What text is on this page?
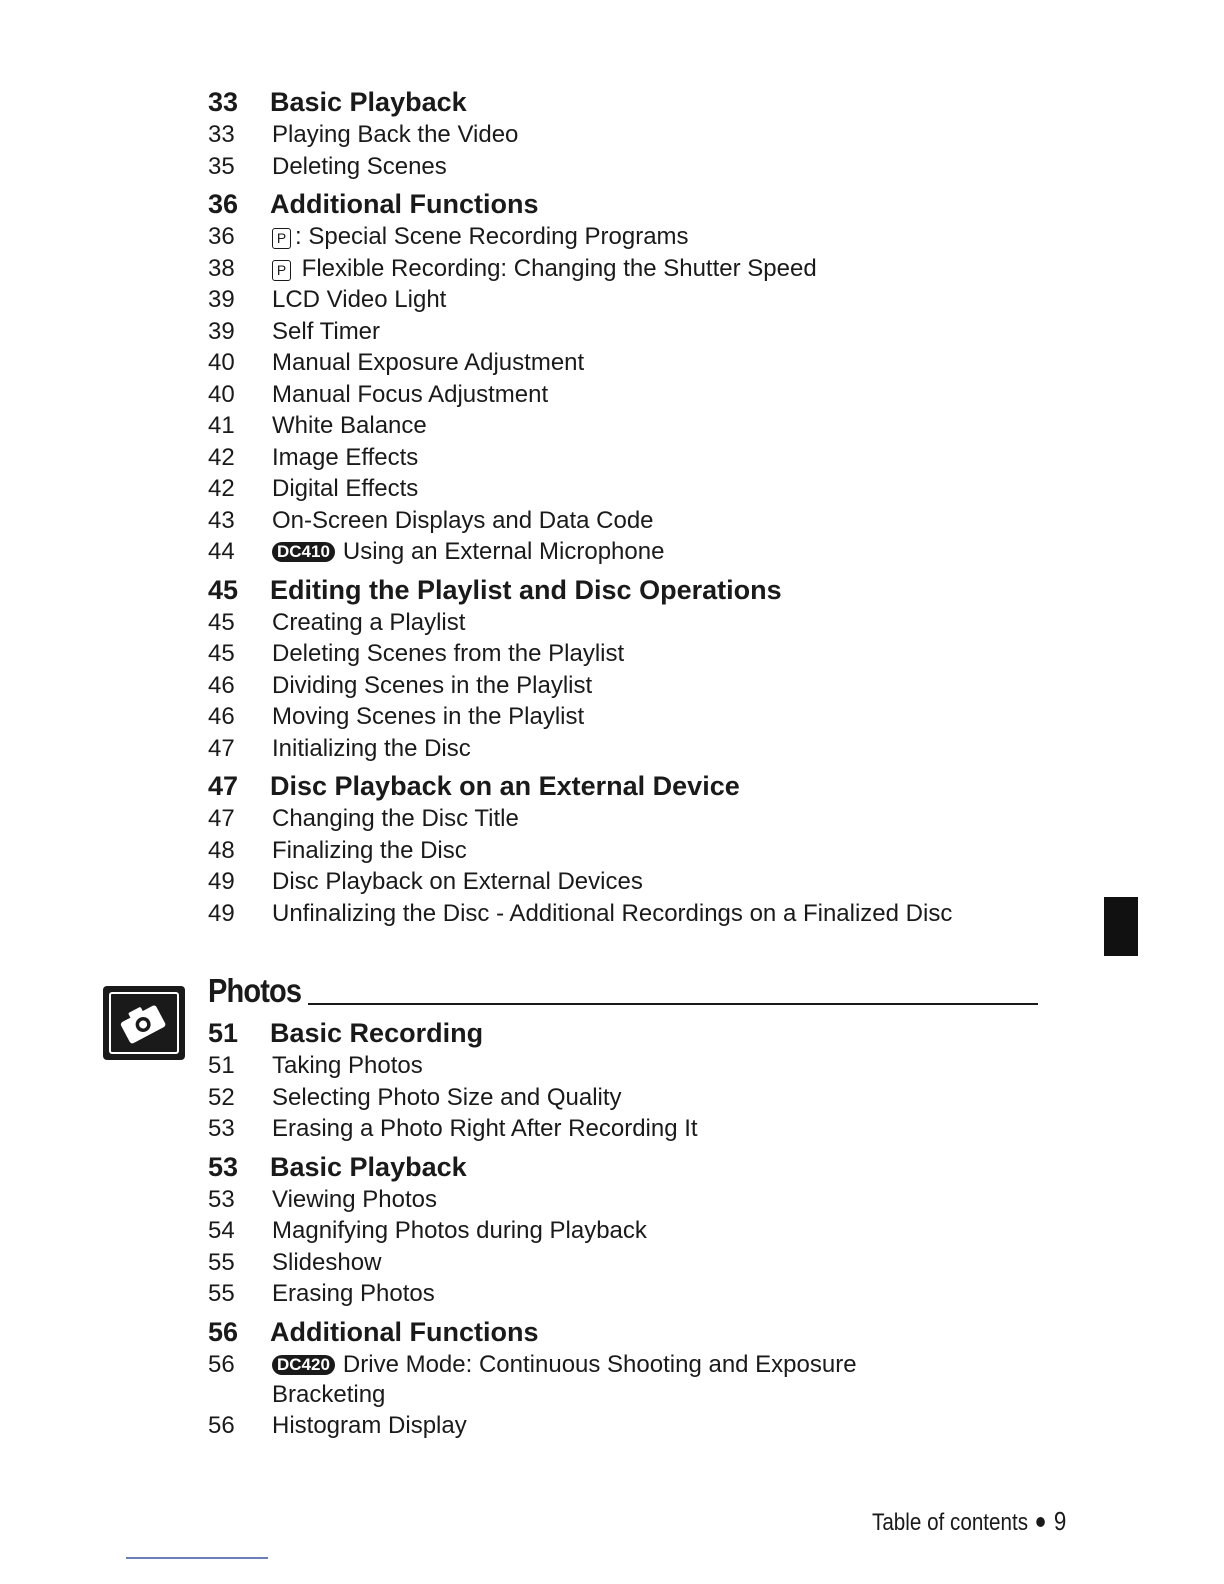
33	Basic Playback
33	Playing Back the Video
35	Deleting Scenes
36	Additional Functions
36	P : Special Scene Recording Programs
38	P Flexible Recording: Changing the Shutter Speed
39	LCD Video Light
39	Self Timer
40	Manual Exposure Adjustment
40	Manual Focus Adjustment
41	White Balance
42	Image Effects
42	Digital Effects
43	On-Screen Displays and Data Code
44	DC410 Using an External Microphone
45	Editing the Playlist and Disc Operations
45	Creating a Playlist
45	Deleting Scenes from the Playlist
46	Dividing Scenes in the Playlist
46	Moving Scenes in the Playlist
47	Initializing the Disc
47	Disc Playback on an External Device
47	Changing the Disc Title
48	Finalizing the Disc
49	Disc Playback on External Devices
49	Unfinalizing the Disc - Additional Recordings on a Finalized Disc
Photos
51	Basic Recording
51	Taking Photos
52	Selecting Photo Size and Quality
53	Erasing a Photo Right After Recording It
53	Basic Playback
53	Viewing Photos
54	Magnifying Photos during Playback
55	Slideshow
55	Erasing Photos
56	Additional Functions
56	DC420 Drive Mode: Continuous Shooting and Exposure
Bracketing
56	Histogram Display
Table of contents 9
